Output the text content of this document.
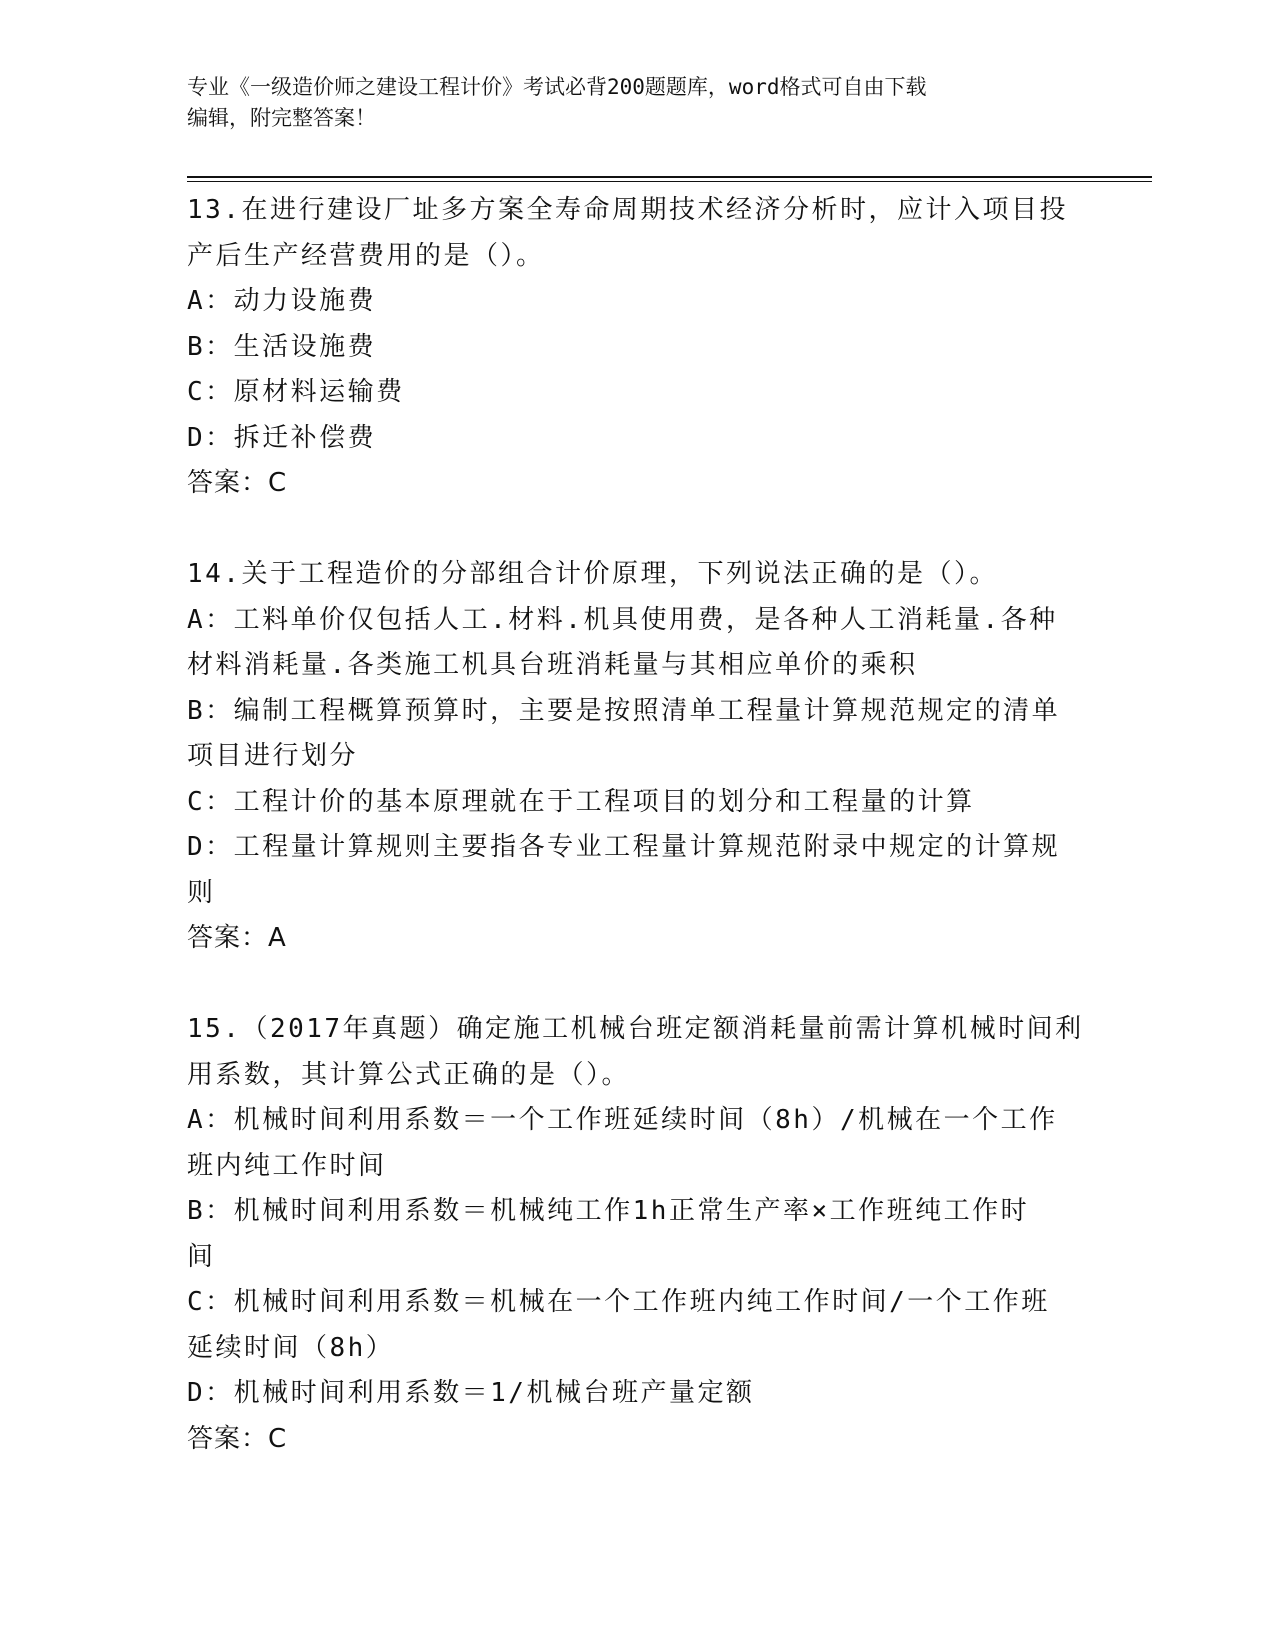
专业《一级造价师之建设工程计价》考试必背200题题库，word格式可自由下载
编辑，附完整答案！
13.在进行建设厂址多方案全寿命周期技术经济分析时，应计入项目投
产后生产经营费用的是（）。
A：动力设施费
B：生活设施费
C：原材料运输费
D：拆迁补偿费
答案：C
14.关于工程造价的分部组合计价原理，下列说法正确的是（）。
A：工料单价仅包括人工.材料.机具使用费，是各种人工消耗量.各种
材料消耗量.各类施工机具台班消耗量与其相应单价的乘积
B：编制工程概算预算时，主要是按照清单工程量计算规范规定的清单
项目进行划分
C：工程计价的基本原理就在于工程项目的划分和工程量的计算
D：工程量计算规则主要指各专业工程量计算规范附录中规定的计算规
则
答案：A
15.（2017年真题）确定施工机械台班定额消耗量前需计算机械时间利
用系数，其计算公式正确的是（）。
A：机械时间利用系数＝一个工作班延续时间（8h）/机械在一个工作
班内纯工作时间
B：机械时间利用系数＝机械纯工作1h正常生产率×工作班纯工作时
间
C：机械时间利用系数＝机械在一个工作班内纯工作时间/一个工作班
延续时间（8h）
D：机械时间利用系数＝1/机械台班产量定额
答案：C
